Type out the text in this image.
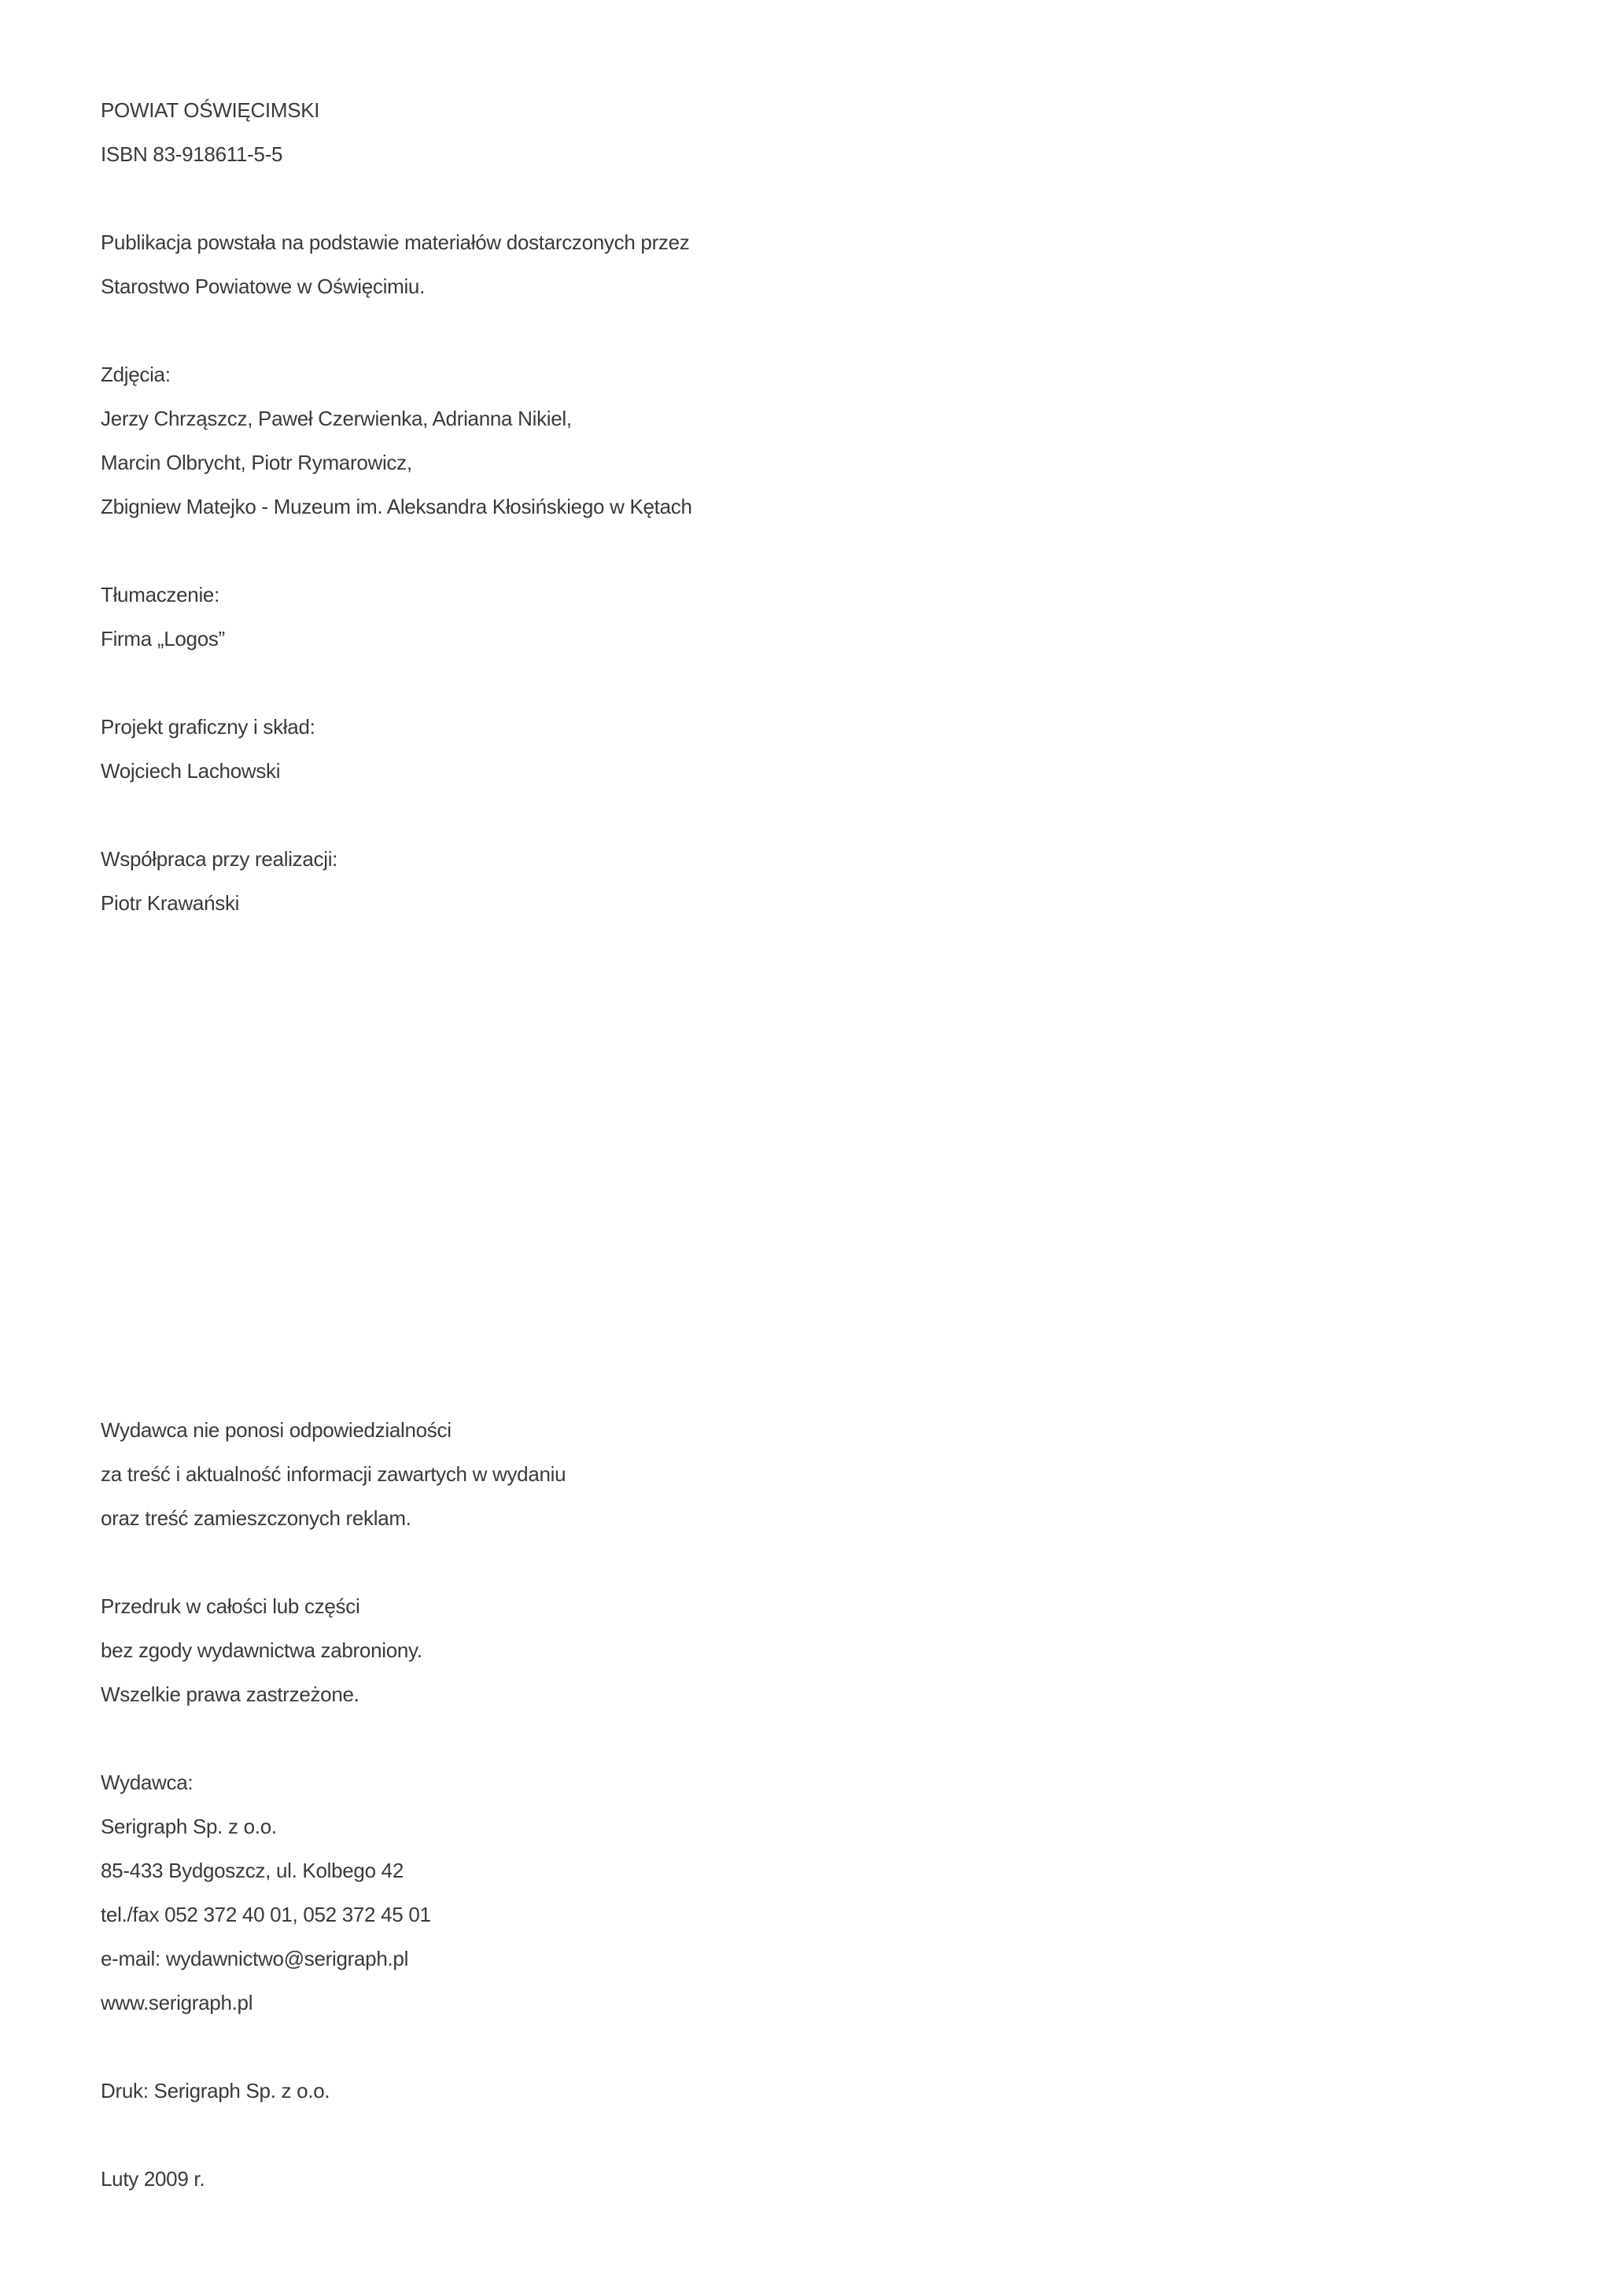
POWIAT OŚWIĘCIMSKI
ISBN 83-918611-5-5
Publikacja powstała na podstawie materiałów dostarczonych przez
Starostwo Powiatowe w Oświęcimiu.
Zdjęcia:
Jerzy Chrząszcz, Paweł Czerwienka, Adrianna Nikiel,
Marcin Olbrycht, Piotr Rymarowicz,
Zbigniew Matejko - Muzeum im. Aleksandra Kłosińskiego w Kętach
Tłumaczenie:
Firma „Logos”
Projekt graficzny i skład:
Wojciech Lachowski
Współpraca przy realizacji:
Piotr Krawański
Wydawca nie ponosi odpowiedzialności
za treść i aktualność informacji zawartych w wydaniu
oraz treść zamieszczonych reklam.
Przedruk w całości lub części
bez zgody wydawnictwa zabroniony.
Wszelkie prawa zastrzeżone.
Wydawca:
Serigraph Sp. z o.o.
85-433 Bydgoszcz, ul. Kolbego 42
tel./fax 052 372 40 01, 052 372 45 01
e-mail: wydawnictwo@serigraph.pl
www.serigraph.pl
Druk: Serigraph Sp. z o.o.
Luty 2009 r.
